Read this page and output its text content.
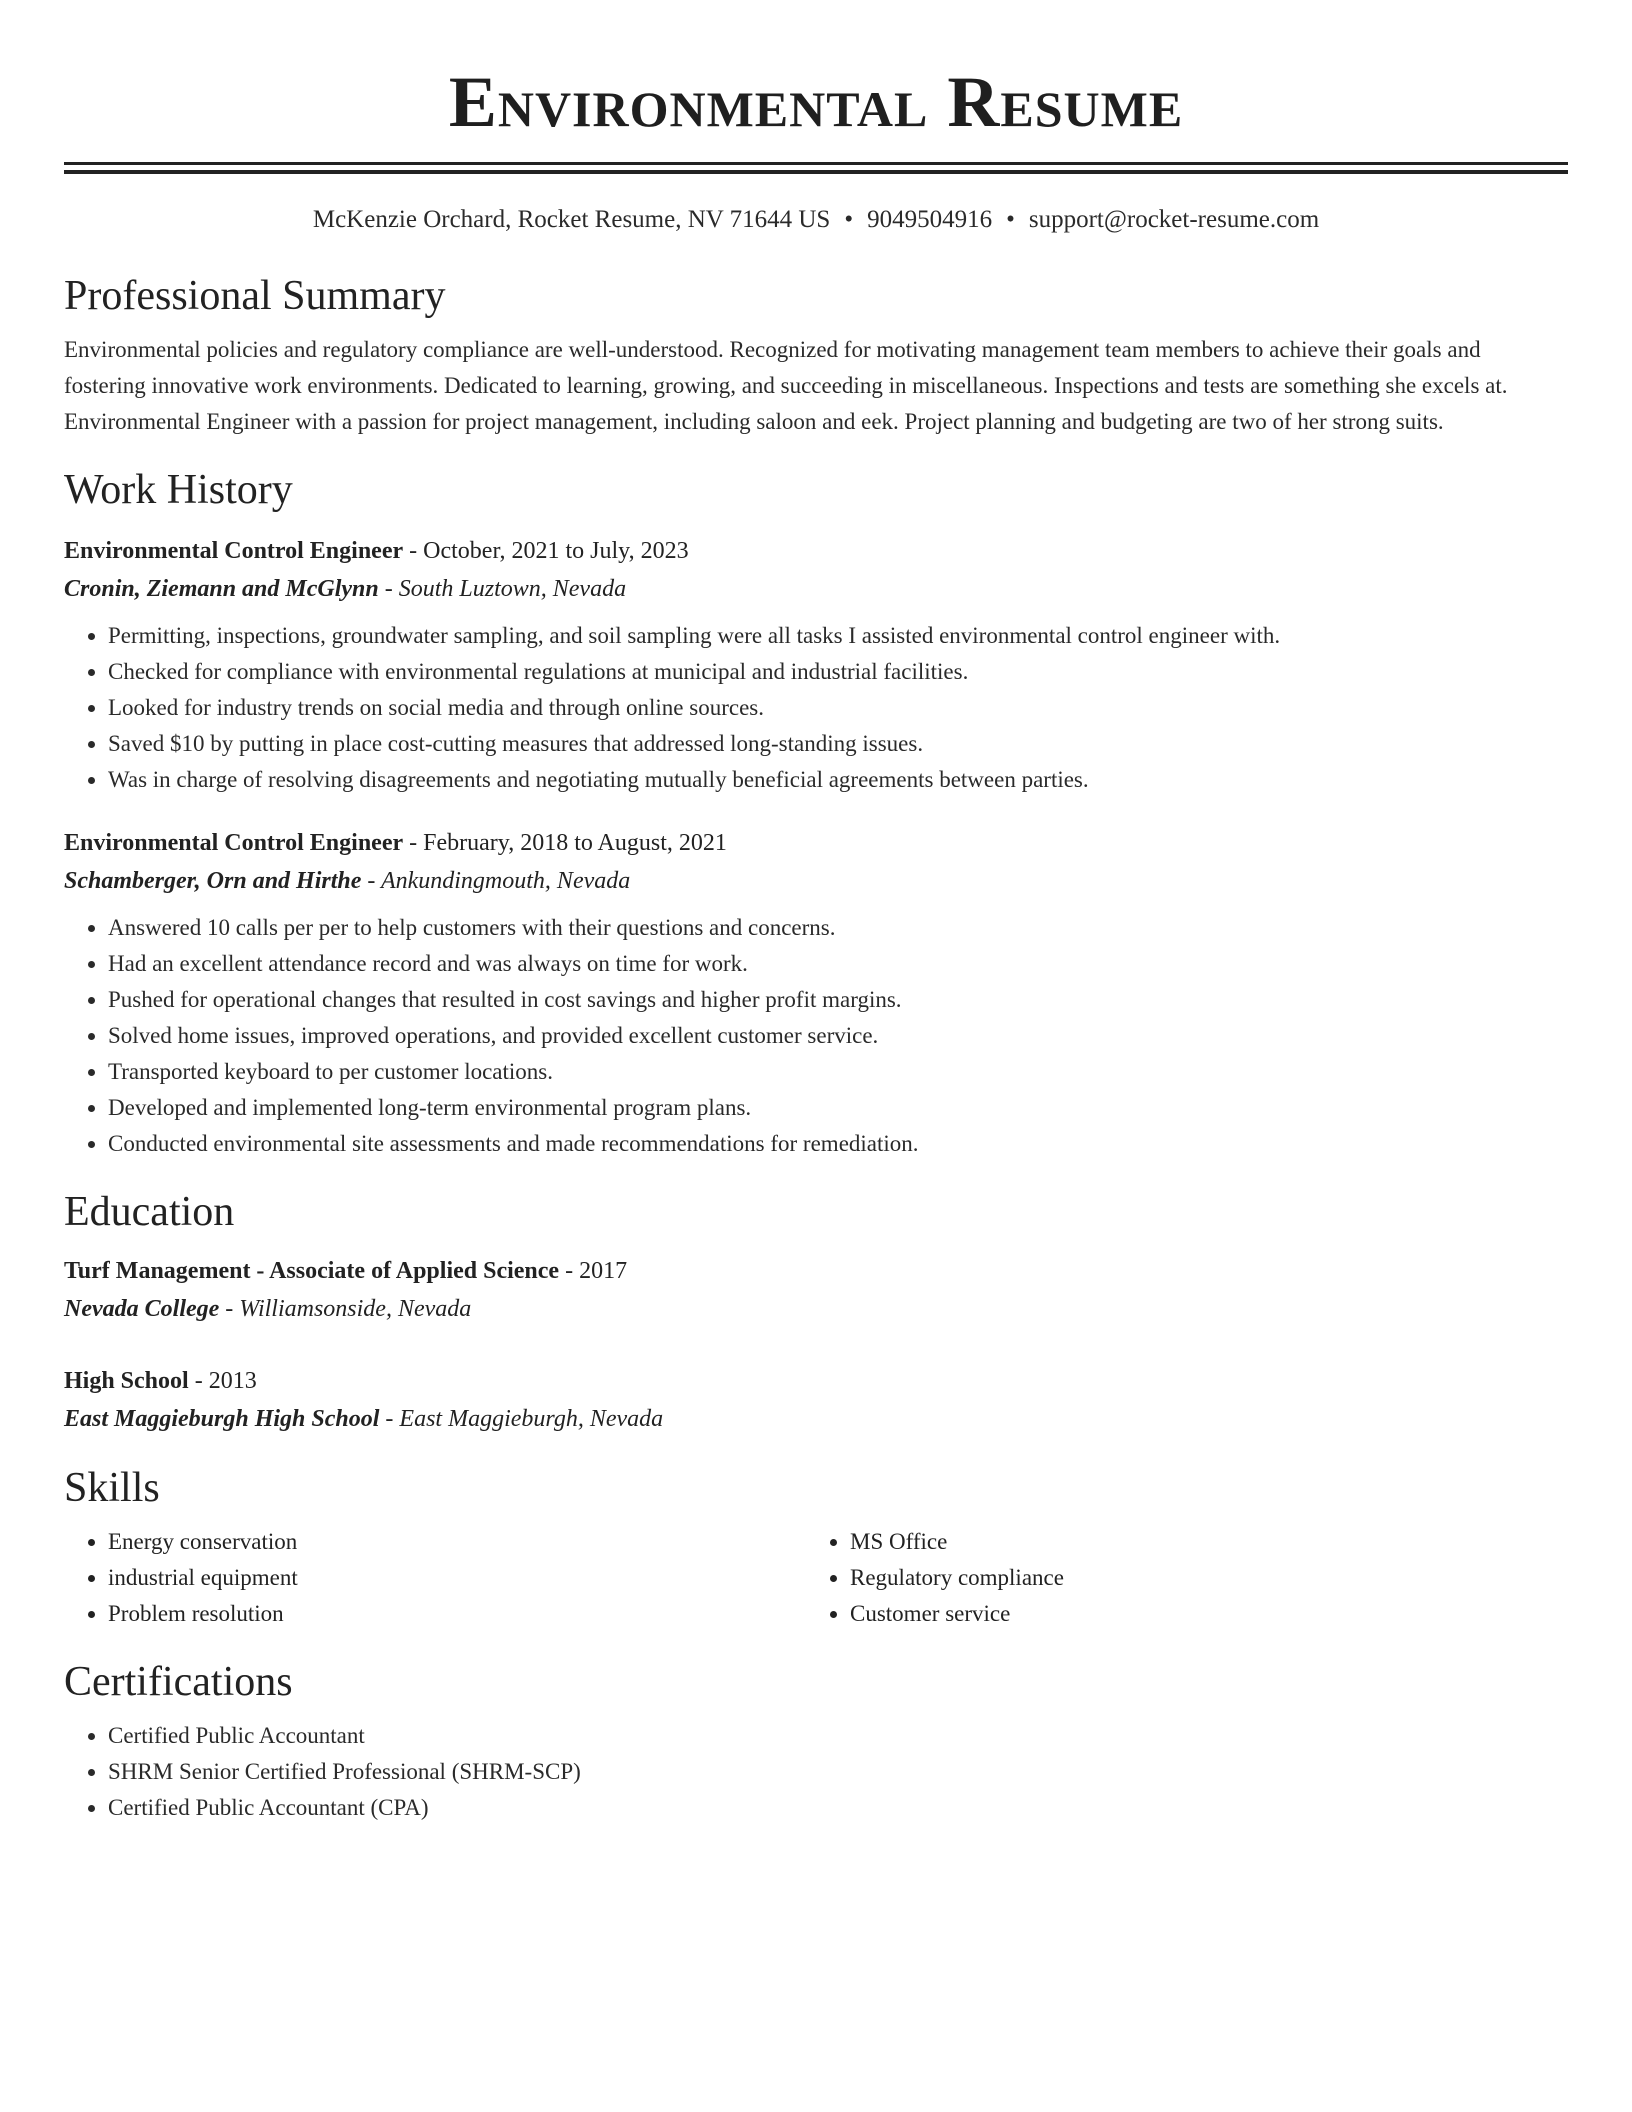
Environmental Resume
McKenzie Orchard, Rocket Resume, NV 71644 US • 9049504916 • support@rocket-resume.com
Professional Summary
Environmental policies and regulatory compliance are well-understood. Recognized for motivating management team members to achieve their goals and fostering innovative work environments. Dedicated to learning, growing, and succeeding in miscellaneous. Inspections and tests are something she excels at. Environmental Engineer with a passion for project management, including saloon and eek. Project planning and budgeting are two of her strong suits.
Work History
Environmental Control Engineer - October, 2021 to July, 2023
Cronin, Ziemann and McGlynn - South Luztown, Nevada
• Permitting, inspections, groundwater sampling, and soil sampling were all tasks I assisted environmental control engineer with.
• Checked for compliance with environmental regulations at municipal and industrial facilities.
• Looked for industry trends on social media and through online sources.
• Saved $10 by putting in place cost-cutting measures that addressed long-standing issues.
• Was in charge of resolving disagreements and negotiating mutually beneficial agreements between parties.
Environmental Control Engineer - February, 2018 to August, 2021
Schamberger, Orn and Hirthe - Ankundingmouth, Nevada
• Answered 10 calls per per to help customers with their questions and concerns.
• Had an excellent attendance record and was always on time for work.
• Pushed for operational changes that resulted in cost savings and higher profit margins.
• Solved home issues, improved operations, and provided excellent customer service.
• Transported keyboard to per customer locations.
• Developed and implemented long-term environmental program plans.
• Conducted environmental site assessments and made recommendations for remediation.
Education
Turf Management - Associate of Applied Science - 2017
Nevada College - Williamsonside, Nevada
High School - 2013
East Maggieburgh High School - East Maggieburgh, Nevada
Skills
• Energy conservation
• industrial equipment
• Problem resolution
• MS Office
• Regulatory compliance
• Customer service
Certifications
• Certified Public Accountant
• SHRM Senior Certified Professional (SHRM-SCP)
• Certified Public Accountant (CPA)
